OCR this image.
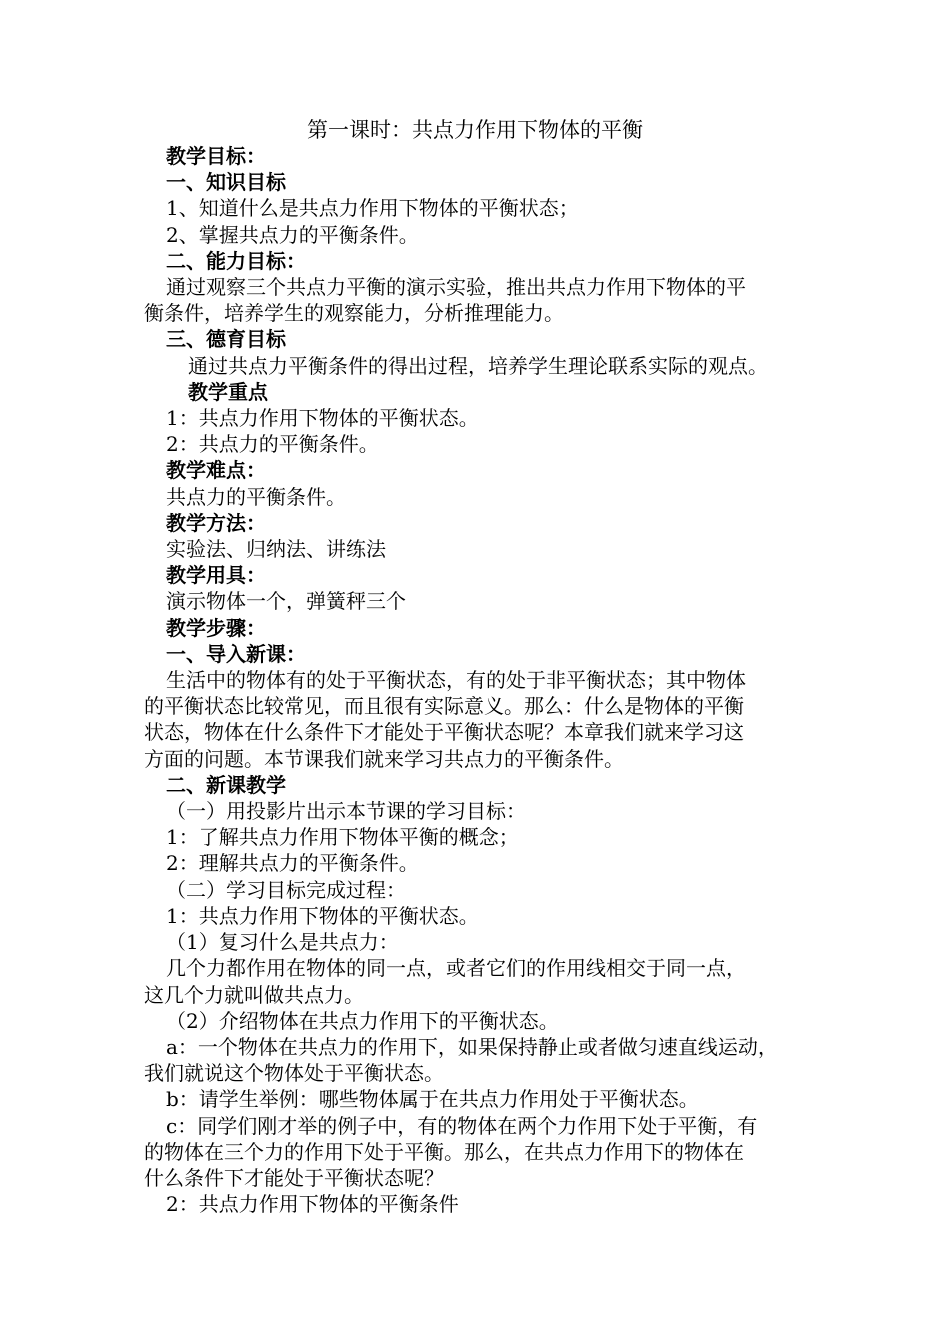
第一课时：共点力作用下物体的平衡

教学目标：

一、知识目标

1、知道什么是共点力作用下物体的平衡状态；

2、掌握共点力的平衡条件。

二、能力目标：

通过观察三个共点力平衡的演示实验，推出共点力作用下物体的平

衡条件，培养学生的观察能力，分析推理能力。

三、德育目标

通过共点力平衡条件的得出过程，培养学生理论联系实际的观点。

教学重点

1：共点力作用下物体的平衡状态。

2：共点力的平衡条件。

教学难点：

共点力的平衡条件。

教学方法：

实验法、归纳法、讲练法

教学用具：

演示物体一个，弹簧秤三个

教学步骤：

一、导入新课：

生活中的物体有的处于平衡状态，有的处于非平衡状态；其中物体

的平衡状态比较常见，而且很有实际意义。那么：什么是物体的平衡

状态，物体在什么条件下才能处于平衡状态呢？本章我们就来学习这

方面的问题。本节课我们就来学习共点力的平衡条件。

二、新课教学

（一）用投影片出示本节课的学习目标：

1：了解共点力作用下物体平衡的概念；

2：理解共点力的平衡条件。

（二）学习目标完成过程：

1：共点力作用下物体的平衡状态。

（1）复习什么是共点力：

几个力都作用在物体的同一点，或者它们的作用线相交于同一点，

这几个力就叫做共点力。

（2）介绍物体在共点力作用下的平衡状态。

a：一个物体在共点力的作用下，如果保持静止或者做匀速直线运动，

我们就说这个物体处于平衡状态。

b：请学生举例：哪些物体属于在共点力作用处于平衡状态。

c：同学们刚才举的例子中，有的物体在两个力作用下处于平衡，有

的物体在三个力的作用下处于平衡。那么，在共点力作用下的物体在

什么条件下才能处于平衡状态呢？

2：共点力作用下物体的平衡条件
